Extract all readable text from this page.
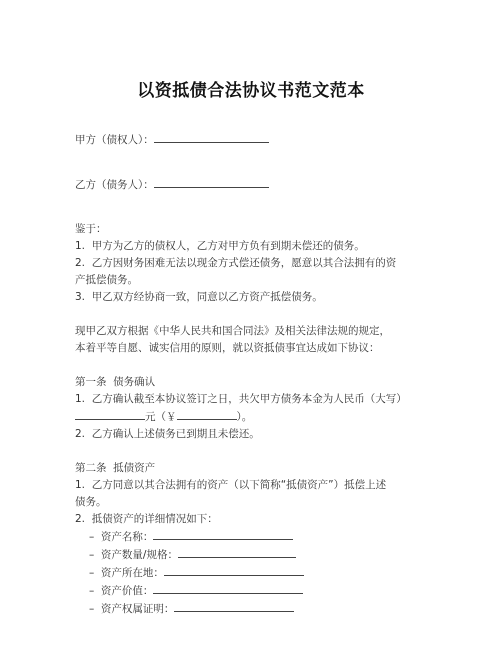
以资抵债合法协议书范文范本
甲方（债权人）：
乙方（债务人）：
鉴于：
1.  甲方为乙方的债权人，乙方对甲方负有到期未偿还的债务。
2.  乙方因财务困难无法以现金方式偿还债务，愿意以其合法拥有的资
产抵偿债务。
3.  甲乙双方经协商一致，同意以乙方资产抵偿债务。
现甲乙双方根据《中华人民共和国合同法》及相关法律法规的规定，
本着平等自愿、诚实信用的原则，就以资抵债事宜达成如下协议：
第一条  债务确认
1.  乙方确认截至本协议签订之日，共欠甲方债务本金为人民币（大写）
元（￥	）。
2.  乙方确认上述债务已到期且未偿还。
第二条  抵债资产
1.  乙方同意以其合法拥有的资产（以下简称“抵债资产”）抵偿上述
债务。
2.  抵债资产的详细情况如下：
–  资产名称：
–  资产数量/规格：
–  资产所在地：
–  资产价值：
–  资产权属证明：
